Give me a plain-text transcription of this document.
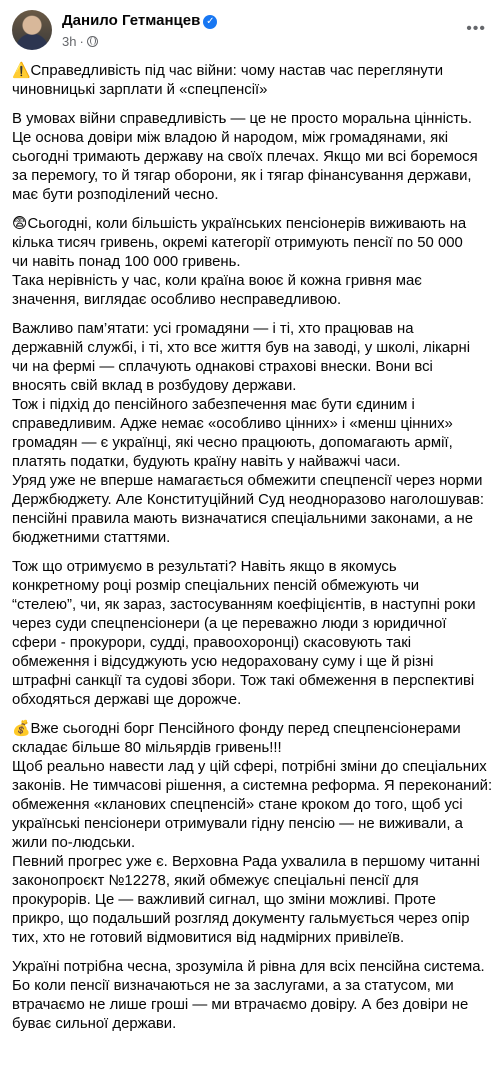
Данило Гетманцев ✓
3h ·
•••
⚠️Справедливість під час війни: чому настав час переглянути
чиновницькі зарплати й «спецпенсії»
В умовах війни справедливість — це не просто моральна цінність.
Це основа довіри між владою й народом, між громадянами, які
сьогодні тримають державу на своїх плечах. Якщо ми всі боремося
за перемогу, то й тягар оборони, як і тягар фінансування держави,
має бути розподілений чесно.
😨Сьогодні, коли більшість українських пенсіонерів виживають на
кілька тисяч гривень, окремі категорії отримують пенсії по 50 000
чи навіть понад 100 000 гривень.
Така нерівність у час, коли країна воює й кожна гривня має
значення, виглядає особливо несправедливою.
Важливо пам’ятати: усі громадяни — і ті, хто працював на
державній службі, і ті, хто все життя був на заводі, у школі, лікарні
чи на фермі — сплачують однакові страхові внески. Вони всі
вносять свій вклад в розбудову держави.
Тож і підхід до пенсійного забезпечення має бути єдиним і
справедливим. Адже немає «особливо цінних» і «менш цінних»
громадян — є українці, які чесно працюють, допомагають армії,
платять податки, будують країну навіть у найважчі часи.
Уряд уже не вперше намагається обмежити спецпенсії через норми
Держбюджету. Але Конституційний Суд неодноразово наголошував:
пенсійні правила мають визначатися спеціальними законами, а не
бюджетними статтями.
Тож що отримуємо в результаті? Навіть якщо в якомусь
конкретному році розмір спеціальних пенсій обмежують чи
“стелею”, чи, як зараз, застосуванням коефіцієнтів, в наступні роки
через суди спецпенсіонери (а це переважно люди з юридичної
сфери - прокурори, судді, правоохоронці) скасовують такі
обмеження і відсуджують усю недораховану суму і ще й різні
штрафні санкції та судові збори. Тож такі обмеження в перспективі
обходяться державі ще дорожче.
💰Вже сьогодні борг Пенсійного фонду перед спецпенсіонерами
складає більше 80 мільярдів гривень!!!
Щоб реально навести лад у цій сфері, потрібні зміни до спеціальних
законів. Не тимчасові рішення, а системна реформа. Я переконаний:
обмеження «кланових спецпенсій» стане кроком до того, щоб усі
українські пенсіонери отримували гідну пенсію — не виживали, а
жили по-людськи.
Певний прогрес уже є. Верховна Рада ухвалила в першому читанні
законопроєкт №12278, який обмежує спеціальні пенсії для
прокурорів. Це — важливий сигнал, що зміни можливі. Проте
прикро, що подальший розгляд документу гальмується через опір
тих, хто не готовий відмовитися від надмірних привілеїв.
Україні потрібна чесна, зрозуміла й рівна для всіх пенсійна система.
Бо коли пенсії визначаються не за заслугами, а за статусом, ми
втрачаємо не лише гроші — ми втрачаємо довіру. А без довіри не
буває сильної держави.
